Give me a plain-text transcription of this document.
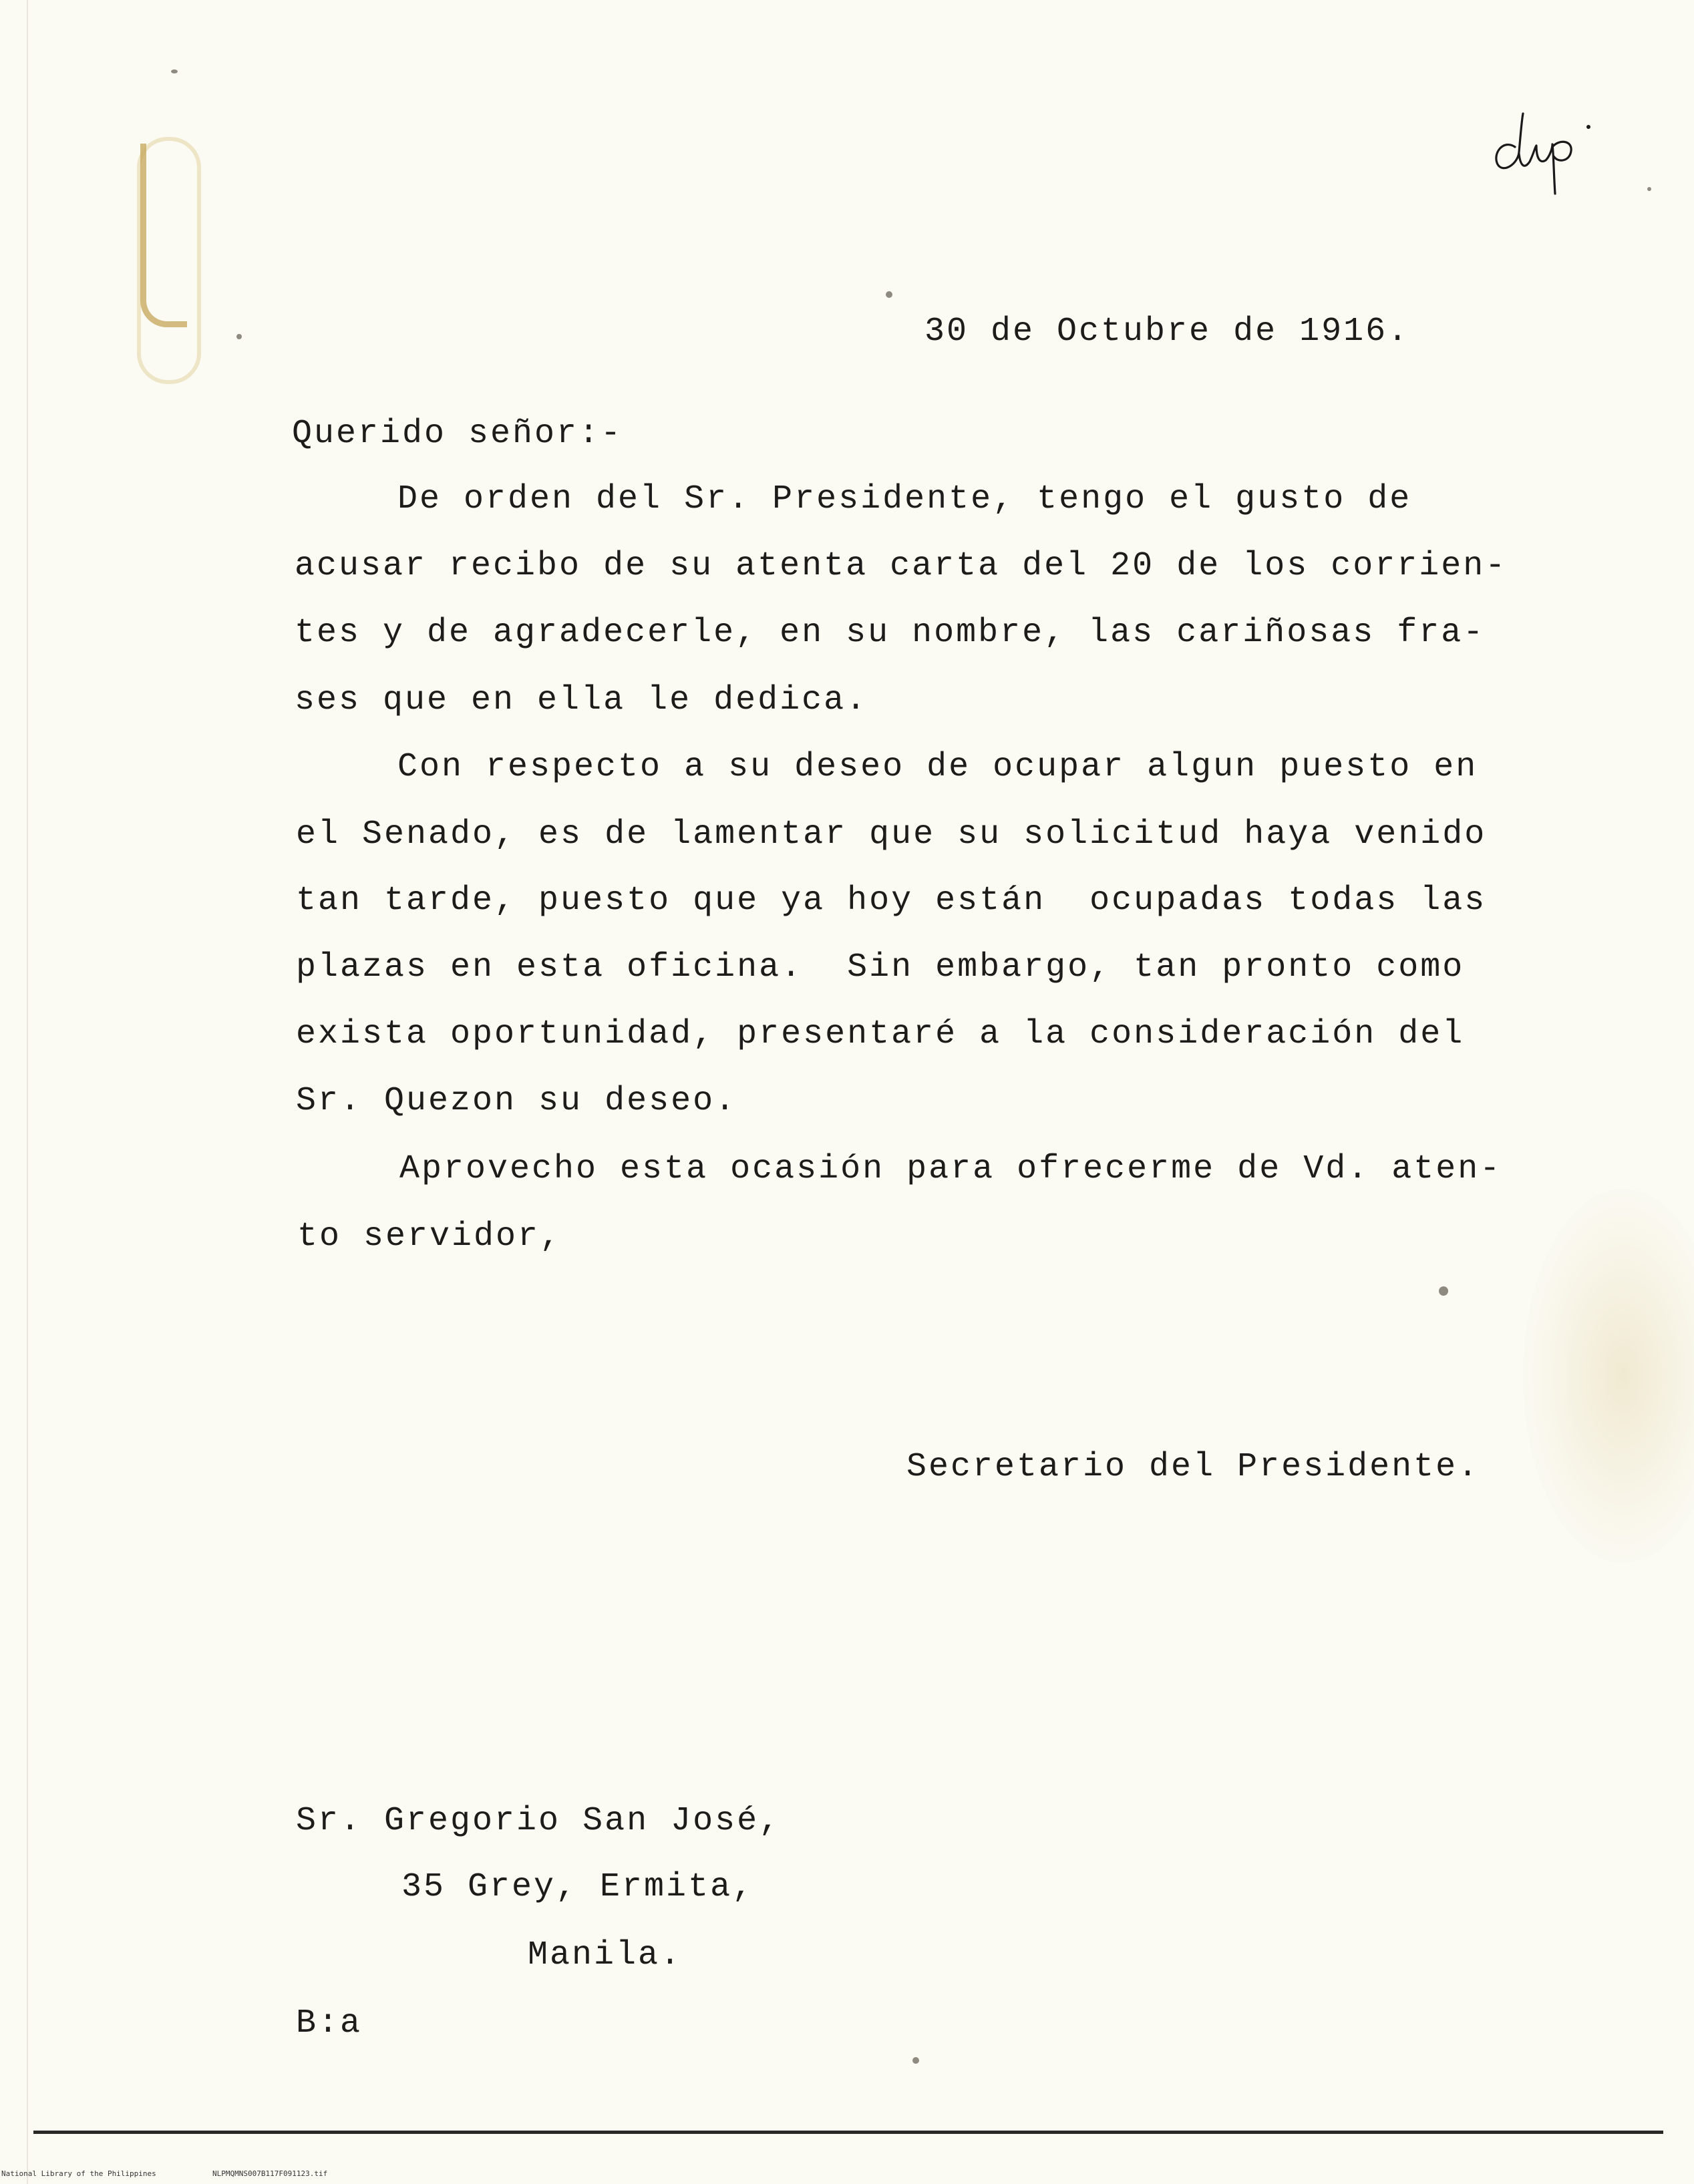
30 de Octubre de 1916.
Querido señor:-
De orden del Sr. Presidente, tengo el gusto de
acusar recibo de su atenta carta del 20 de los corrien-
tes y de agradecerle, en su nombre, las cariñosas fra-
ses que en ella le dedica.
Con respecto a su deseo de ocupar algun puesto en
el Senado, es de lamentar que su solicitud haya venido
tan tarde, puesto que ya hoy están  ocupadas todas las
plazas en esta oficina.  Sin embargo, tan pronto como
exista oportunidad, presentaré a la consideración del
Sr. Quezon su deseo.
Aprovecho esta ocasión para ofrecerme de Vd. aten-
to servidor,
Secretario del Presidente.
Sr. Gregorio San José,
35 Grey, Ermita,
Manila.
B:a
National Library of the Philippines	NLPMQMNS007B117F091123.tif
